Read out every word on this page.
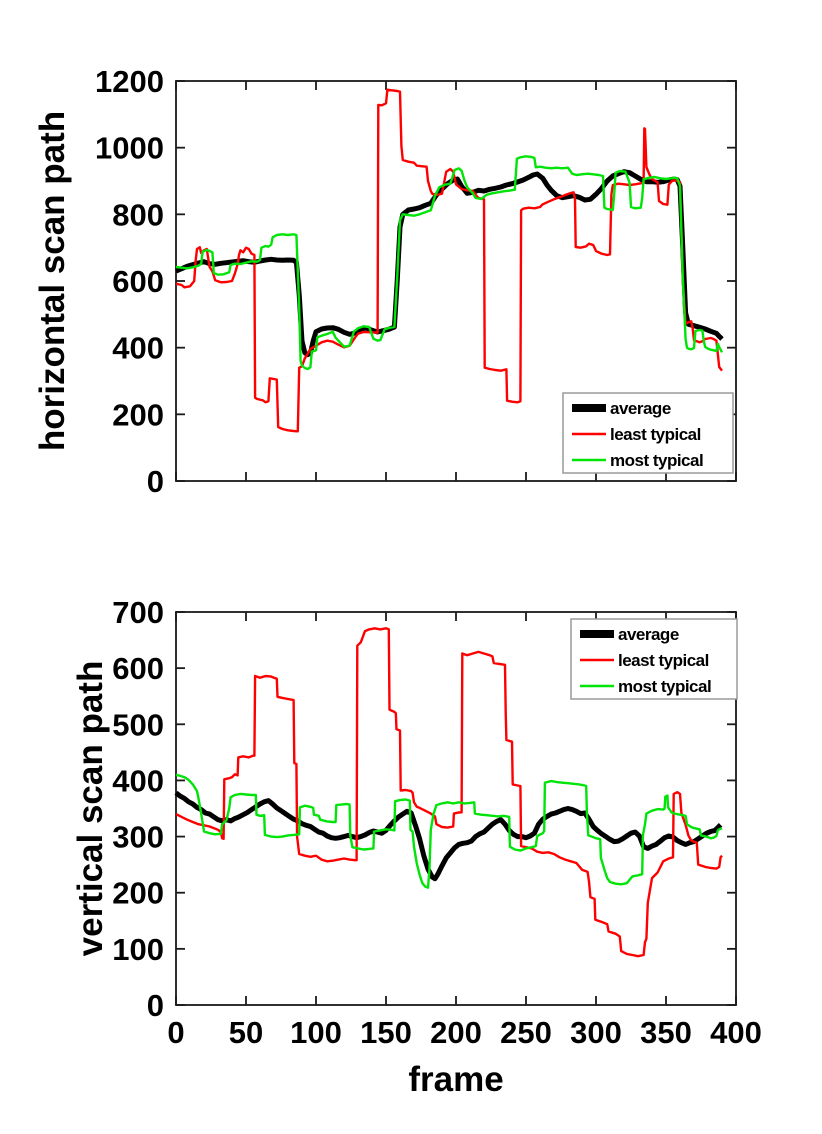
0
200
400
600
800
1000
1200
horizontal scan path	average
least typical
most typical
0 50 100 150 200 250 300 350 400
0
100
200
300
400
500
600
700
vertical scan path
frame
average
least typical
most typical
